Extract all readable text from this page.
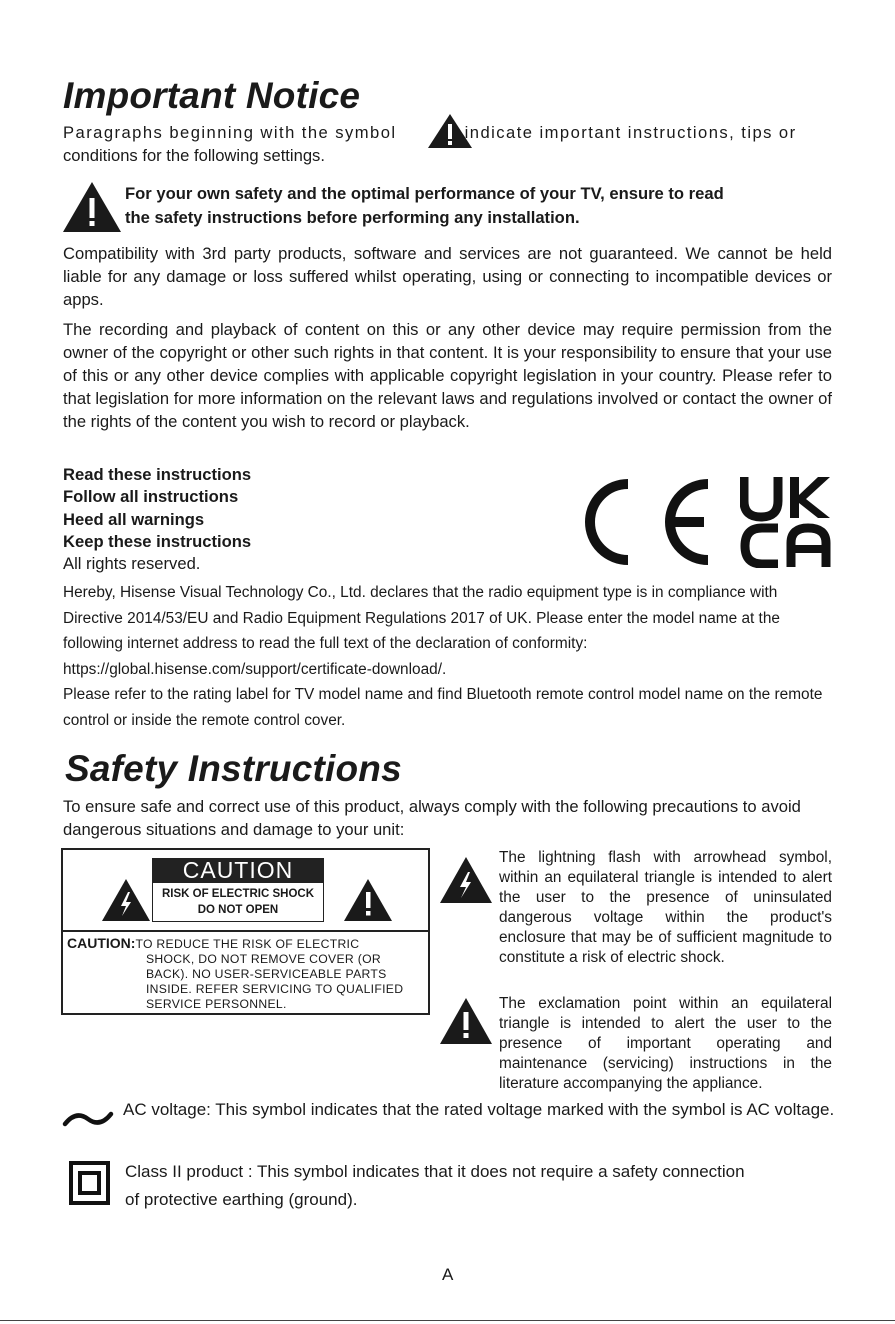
Important Notice
Paragraphs beginning with the symbol	indicate important instructions, tips or
conditions for the following settings.
For your own safety and the optimal performance of your TV, ensure to read
the safety instructions before performing any installation.
Compatibility with 3rd party products, software and services are not guaranteed. We cannot be held liable for any damage or loss suffered whilst operating, using or connecting to incompatible devices or apps.
The recording and playback of content on this or any other device may require permission from the owner of the copyright or other such rights in that content. It is your responsibility to ensure that your use of this or any other device complies with applicable copyright legislation in your country. Please refer to that legislation for more information on the relevant laws and regulations involved or contact the owner of the rights of the content you wish to record or playback.
Read these instructions
Follow all instructions
Heed all warnings
Keep these instructions
All rights reserved.
Hereby, Hisense Visual Technology Co., Ltd. declares that the radio equipment type is in compliance with Directive 2014/53/EU and Radio Equipment Regulations 2017 of UK. Please enter the model name at the following internet address to read the full text of the declaration of conformity: https://global.hisense.com/support/certificate-download/.
Please refer to the rating label for TV model name and find Bluetooth remote control model name on the remote control or inside the remote control cover.
Safety Instructions
To ensure safe and correct use of this product, always comply with the following precautions to avoid dangerous situations and damage to your unit:
CAUTION
RISK OF ELECTRIC SHOCK
DO NOT OPEN
CAUTION:TO REDUCE THE RISK OF ELECTRIC
SHOCK, DO NOT REMOVE COVER (OR
BACK). NO USER-SERVICEABLE PARTS
INSIDE. REFER SERVICING TO QUALIFIED
SERVICE PERSONNEL.
The lightning flash with arrowhead symbol, within an equilateral triangle is intended to alert the user to the presence of uninsulated dangerous voltage within the product's enclosure that may be of sufficient magnitude to constitute a risk of electric shock.
The exclamation point within an equilateral triangle is intended to alert the user to the presence of important operating and maintenance (servicing) instructions in the literature accompanying the appliance.
AC voltage: This symbol indicates that the rated voltage marked with the symbol is AC voltage.
Class II product : This symbol indicates that it does not require a safety connection
of protective earthing (ground).
A
